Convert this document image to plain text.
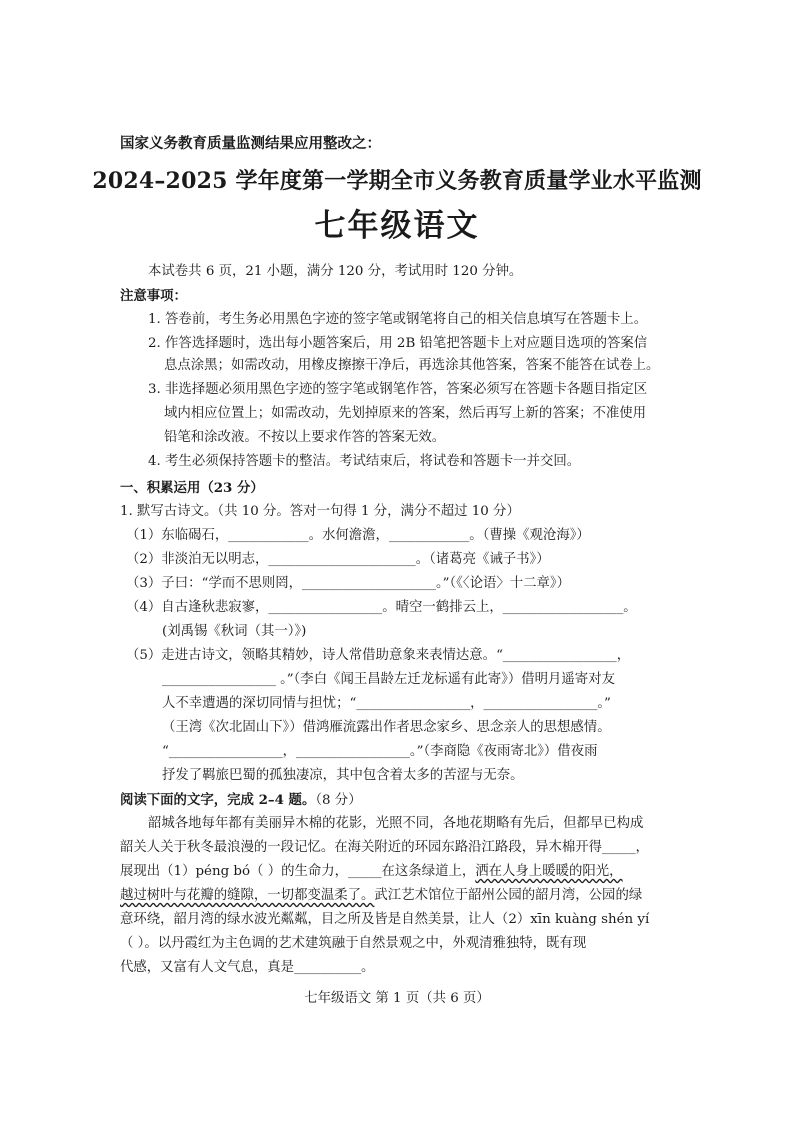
国家义务教育质量监测结果应用整改之：
2024–2025 学年度第一学期全市义务教育质量学业水平监测
七年级语文
本试卷共 6 页，21 小题，满分 120 分，考试用时 120 分钟。
注意事项：
1. 答卷前，考生务必用黑色字迹的签字笔或钢笔将自己的相关信息填写在答题卡上。
2. 作答选择题时，选出每小题答案后，用 2B 铅笔把答题卡上对应题目选项的答案信
息点涂黑；如需改动，用橡皮擦擦干净后，再选涂其他答案，答案不能答在试卷上。
3. 非选择题必须用黑色字迹的签字笔或钢笔作答，答案必须写在答题卡各题目指定区
域内相应位置上；如需改动，先划掉原来的答案，然后再写上新的答案；不准使用
铅笔和涂改液。不按以上要求作答的答案无效。
4. 考生必须保持答题卡的整洁。考试结束后，将试卷和答题卡一并交回。
一、积累运用（23 分）
1. 默写古诗文。（共 10 分。答对一句得 1 分，满分不超过 10 分）
（1）东临碣石，____________。水何澹澹，____________。（曹操《观沧海》）
（2）非淡泊无以明志，______________________。（诸葛亮《诫子书》）
（3）子曰：“学而不思则罔，____________________。”（《〈论语〉十二章》）
（4）自古逢秋悲寂寥，_________________。晴空一鹤排云上，__________________。
(刘禹锡《秋词（其一）》)
（5）走进古诗文，领略其精妙，诗人常借助意象来表情达意。“_________________，
_________________ 。”（李白《闻王昌龄左迁龙标遥有此寄》）借明月遥寄对友
人不幸遭遇的深切同情与担忧；“_________________，_________________。”
（王湾《次北固山下》）借鸿雁流露出作者思念家乡、思念亲人的思想感情。
“_________________，_________________。”（李商隐《夜雨寄北》）借夜雨
抒发了羁旅巴蜀的孤独凄凉，其中包含着太多的苦涩与无奈。
阅读下面的文字，完成 2–4 题。（8 分）
韶城各地每年都有美丽异木棉的花影，光照不同，各地花期略有先后，但都早已构成
韶关人关于秋冬最浪漫的一段记忆。在海关附近的环园东路沿江路段，异木棉开得_____，
展现出（1）péng bó（ ）的生命力，_____在这条绿道上，洒在人身上暖暖的阳光，
越过树叶与花瓣的缝隙，一切都变温柔了。武江艺术馆位于韶州公园的韶月湾，公园的绿
意环绕，韶月湾的绿水波光粼粼，目之所及皆是自然美景，让人（2）xīn kuàng shén yí
（ ）。以丹霞红为主色调的艺术建筑融于自然景观之中，外观清雅独特，既有现
代感，又富有人文气息，真是__________。
七年级语文 第 1 页（共 6 页）
